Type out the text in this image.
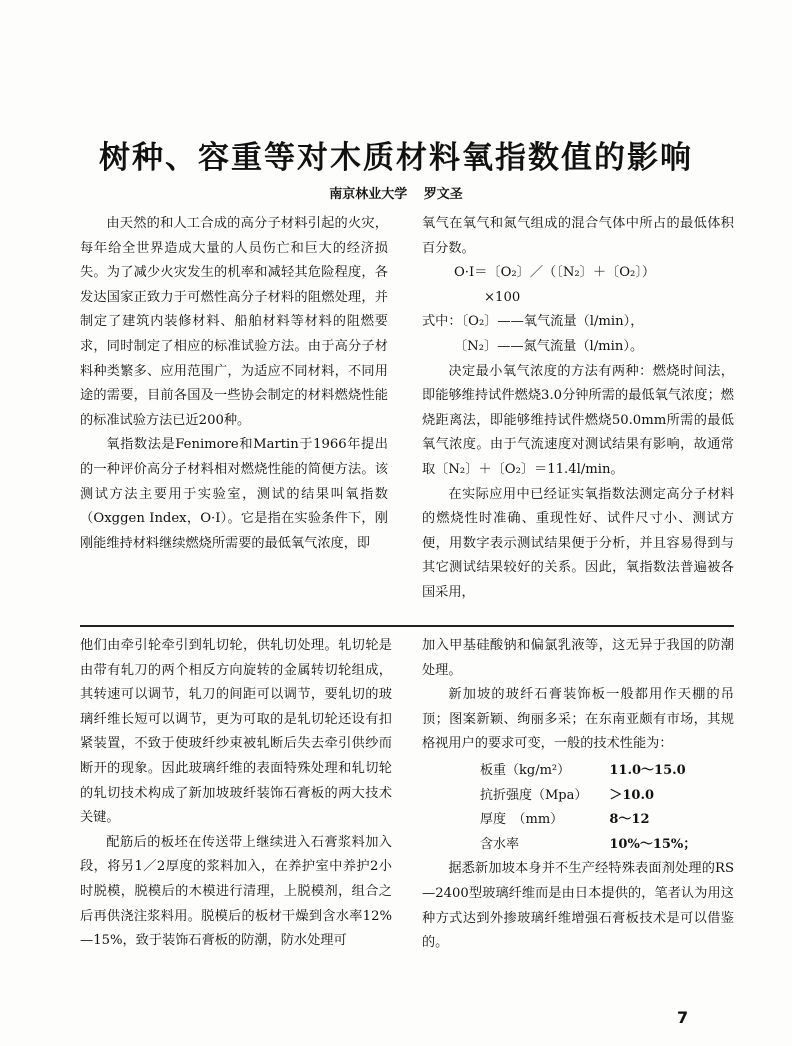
树种、容重等对木质材料氧指数值的影响
南京林业大学 罗文圣

由天然的和人工合成的高分子材料引起的火灾，每年给全世界造成大量的人员伤亡和巨大的经济损失。为了减少火灾发生的机率和减轻其危险程度，各发达国家正致力于可燃性高分子材料的阻燃处理，并制定了建筑内装修材料、船舶材料等材料的阻燃要求，同时制定了相应的标准试验方法。由于高分子材料种类繁多、应用范围广，为适应不同材料，不同用途的需要，目前各国及一些协会制定的材料燃烧性能的标准试验方法已近200种。

氧指数法是Fenimore和Martin于1966年提出的一种评价高分子材料相对燃烧性能的简便方法。该测试方法主要用于实验室，测试的结果叫氧指数（Oxggen Index，O·I）。它是指在实验条件下，刚刚能维持材料继续燃烧所需要的最低氧气浓度，即

氧气在氧气和氮气组成的混合气体中所占的最低体积百分数。

O·I＝〔O₂〕／（〔N₂〕＋〔O₂〕）

×100

式中：〔O₂〕——氧气流量（l/min），

〔N₂〕——氮气流量（l/min）。

决定最小氧气浓度的方法有两种：燃烧时间法，即能够维持试件燃烧3.0分钟所需的最低氧气浓度；燃烧距离法，即能够维持试件燃烧50.0mm所需的最低氧气浓度。由于气流速度对测试结果有影响，故通常取〔N₂〕＋〔O₂〕＝11.4l/min。

在实际应用中已经证实氧指数法测定高分子材料的燃烧性时准确、重现性好、试件尺寸小、测试方便，用数字表示测试结果便于分析，并且容易得到与其它测试结果较好的关系。因此，氧指数法普遍被各国采用，

他们由牵引轮牵引到轧切轮，供轧切处理。轧切轮是由带有轧刀的两个相反方向旋转的金属转切轮组成，其转速可以调节，轧刀的间距可以调节，要轧切的玻璃纤维长短可以调节，更为可取的是轧切轮还设有扣紧装置，不致于使玻纤纱束被轧断后失去牵引供纱而断开的现象。因此玻璃纤维的表面特殊处理和轧切轮的轧切技术构成了新加坡玻纤装饰石膏板的两大技术关键。

配筋后的板坯在传送带上继续进入石膏浆料加入段，将另1／2厚度的浆料加入，在养护室中养护2小时脱模，脱模后的木模进行清理，上脱模剂，组合之后再供浇注浆料用。脱模后的板材干燥到含水率12%—15%，致于装饰石膏板的防潮，防水处理可

加入甲基硅酸钠和偏氯乳液等，这无异于我国的防潮处理。

新加坡的玻纤石膏装饰板一般都用作天棚的吊顶；图案新颖、绚丽多采；在东南亚颇有市场，其规格视用户的要求可变，一般的技术性能为：

板重（kg/m²）	11.0～15.0
抗折强度（Mpa）	＞10.0
厚度　（mm）	8～12
含水率	10%～15%；

据悉新加坡本身并不生产经特殊表面剂处理的RS—2400型玻璃纤维而是由日本提供的，笔者认为用这种方式达到外掺玻璃纤维增强石膏板技术是可以借鉴的。

7
